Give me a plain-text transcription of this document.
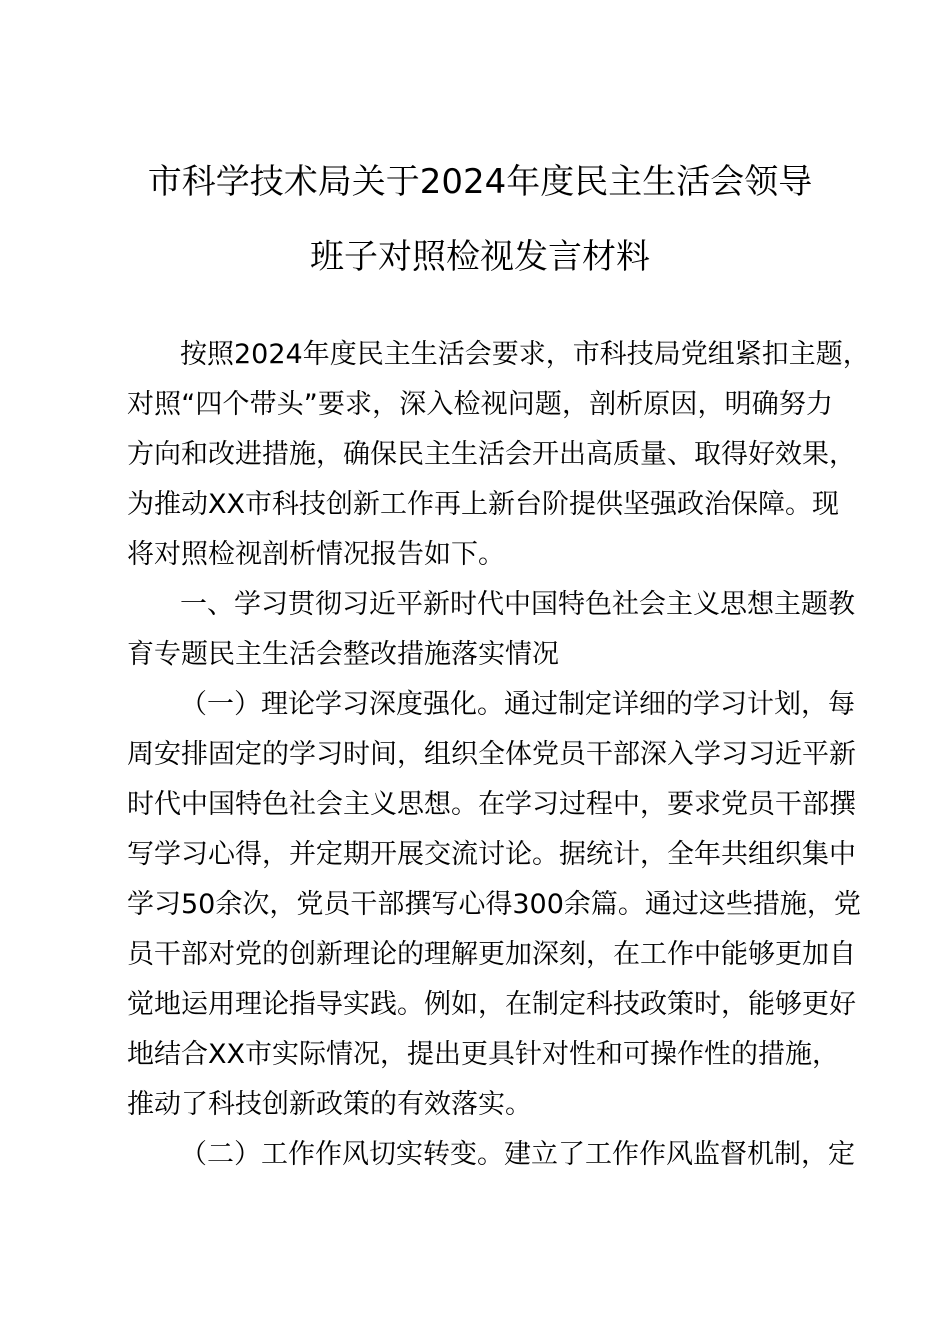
市科学技术局关于2024年度民主生活会领导
班子对照检视发言材料
按照2024年度民主生活会要求，市科技局党组紧扣主题，
对照“四个带头”要求，深入检视问题，剖析原因，明确努力
方向和改进措施，确保民主生活会开出高质量、取得好效果，
为推动XX市科技创新工作再上新台阶提供坚强政治保障。现
将对照检视剖析情况报告如下。
一、学习贯彻习近平新时代中国特色社会主义思想主题教
育专题民主生活会整改措施落实情况
（一）理论学习深度强化。通过制定详细的学习计划，每
周安排固定的学习时间，组织全体党员干部深入学习习近平新
时代中国特色社会主义思想。在学习过程中，要求党员干部撰
写学习心得，并定期开展交流讨论。据统计，全年共组织集中
学习50余次，党员干部撰写心得300余篇。通过这些措施，党
员干部对党的创新理论的理解更加深刻，在工作中能够更加自
觉地运用理论指导实践。例如，在制定科技政策时，能够更好
地结合XX市实际情况，提出更具针对性和可操作性的措施，
推动了科技创新政策的有效落实。
（二）工作作风切实转变。建立了工作作风监督机制，定
